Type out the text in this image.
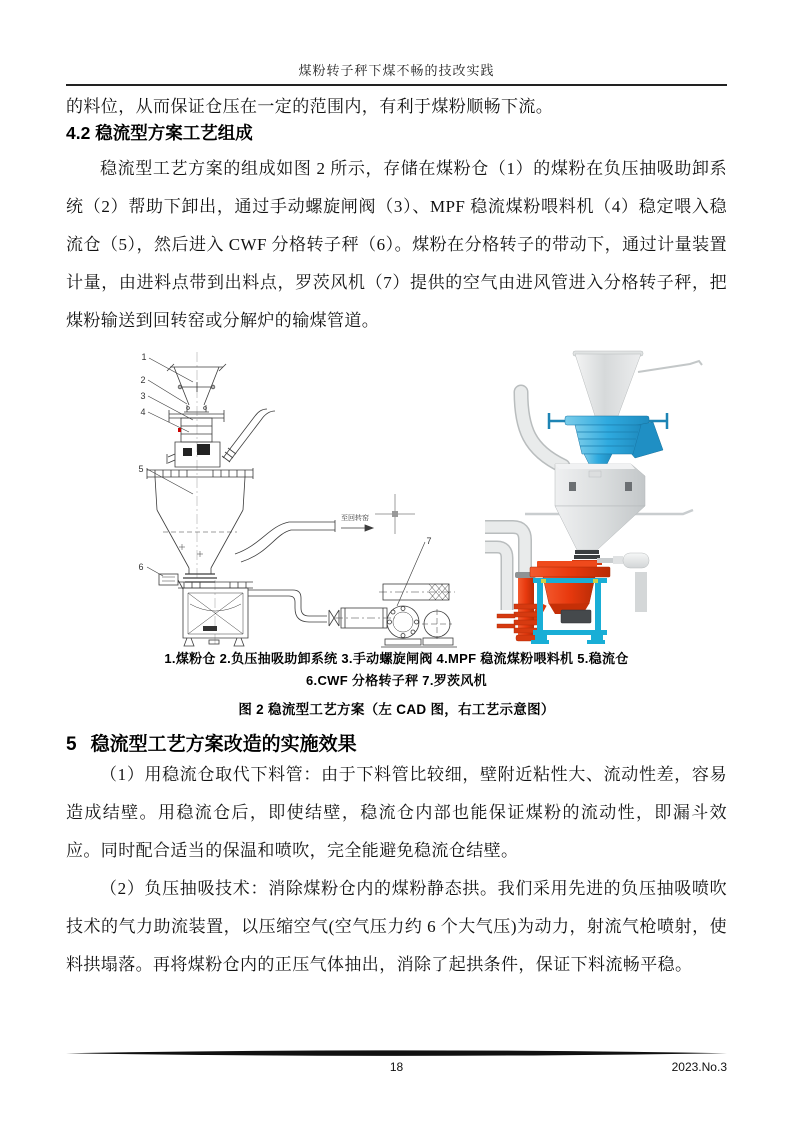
煤粉转子秤下煤不畅的技改实践
的料位，从而保证仓压在一定的范围内，有利于煤粉顺畅下流。
4.2 稳流型方案工艺组成
稳流型工艺方案的组成如图 2 所示，存储在煤粉仓（1）的煤粉在负压抽吸助卸系统（2）帮助下卸出，通过手动螺旋闸阀（3）、MPF 稳流煤粉喂料机（4）稳定喂入稳流仓（5），然后进入 CWF 分格转子秤（6）。煤粉在分格转子的带动下，通过计量装置计量，由进料点带到出料点，罗茨风机（7）提供的空气由进风管进入分格转子秤，把煤粉输送到回转窑或分解炉的输煤管道。
1
2
3
4
5
6
7
至回转窑
1.煤粉仓 2.负压抽吸助卸系统 3.手动螺旋闸阀 4.MPF 稳流煤粉喂料机 5.稳流仓
6.CWF 分格转子秤 7.罗茨风机
图 2 稳流型工艺方案（左 CAD 图，右工艺示意图）
5 稳流型工艺方案改造的实施效果
（1）用稳流仓取代下料管：由于下料管比较细，壁附近粘性大、流动性差，容易造成结壁。用稳流仓后，即使结壁，稳流仓内部也能保证煤粉的流动性，即漏斗效应。同时配合适当的保温和喷吹，完全能避免稳流仓结壁。
（2）负压抽吸技术：消除煤粉仓内的煤粉静态拱。我们采用先进的负压抽吸喷吹技术的气力助流装置，以压缩空气(空气压力约 6 个大气压)为动力，射流气枪喷射，使料拱塌落。再将煤粉仓内的正压气体抽出，消除了起拱条件，保证下料流畅平稳。
18	2023.No.3
